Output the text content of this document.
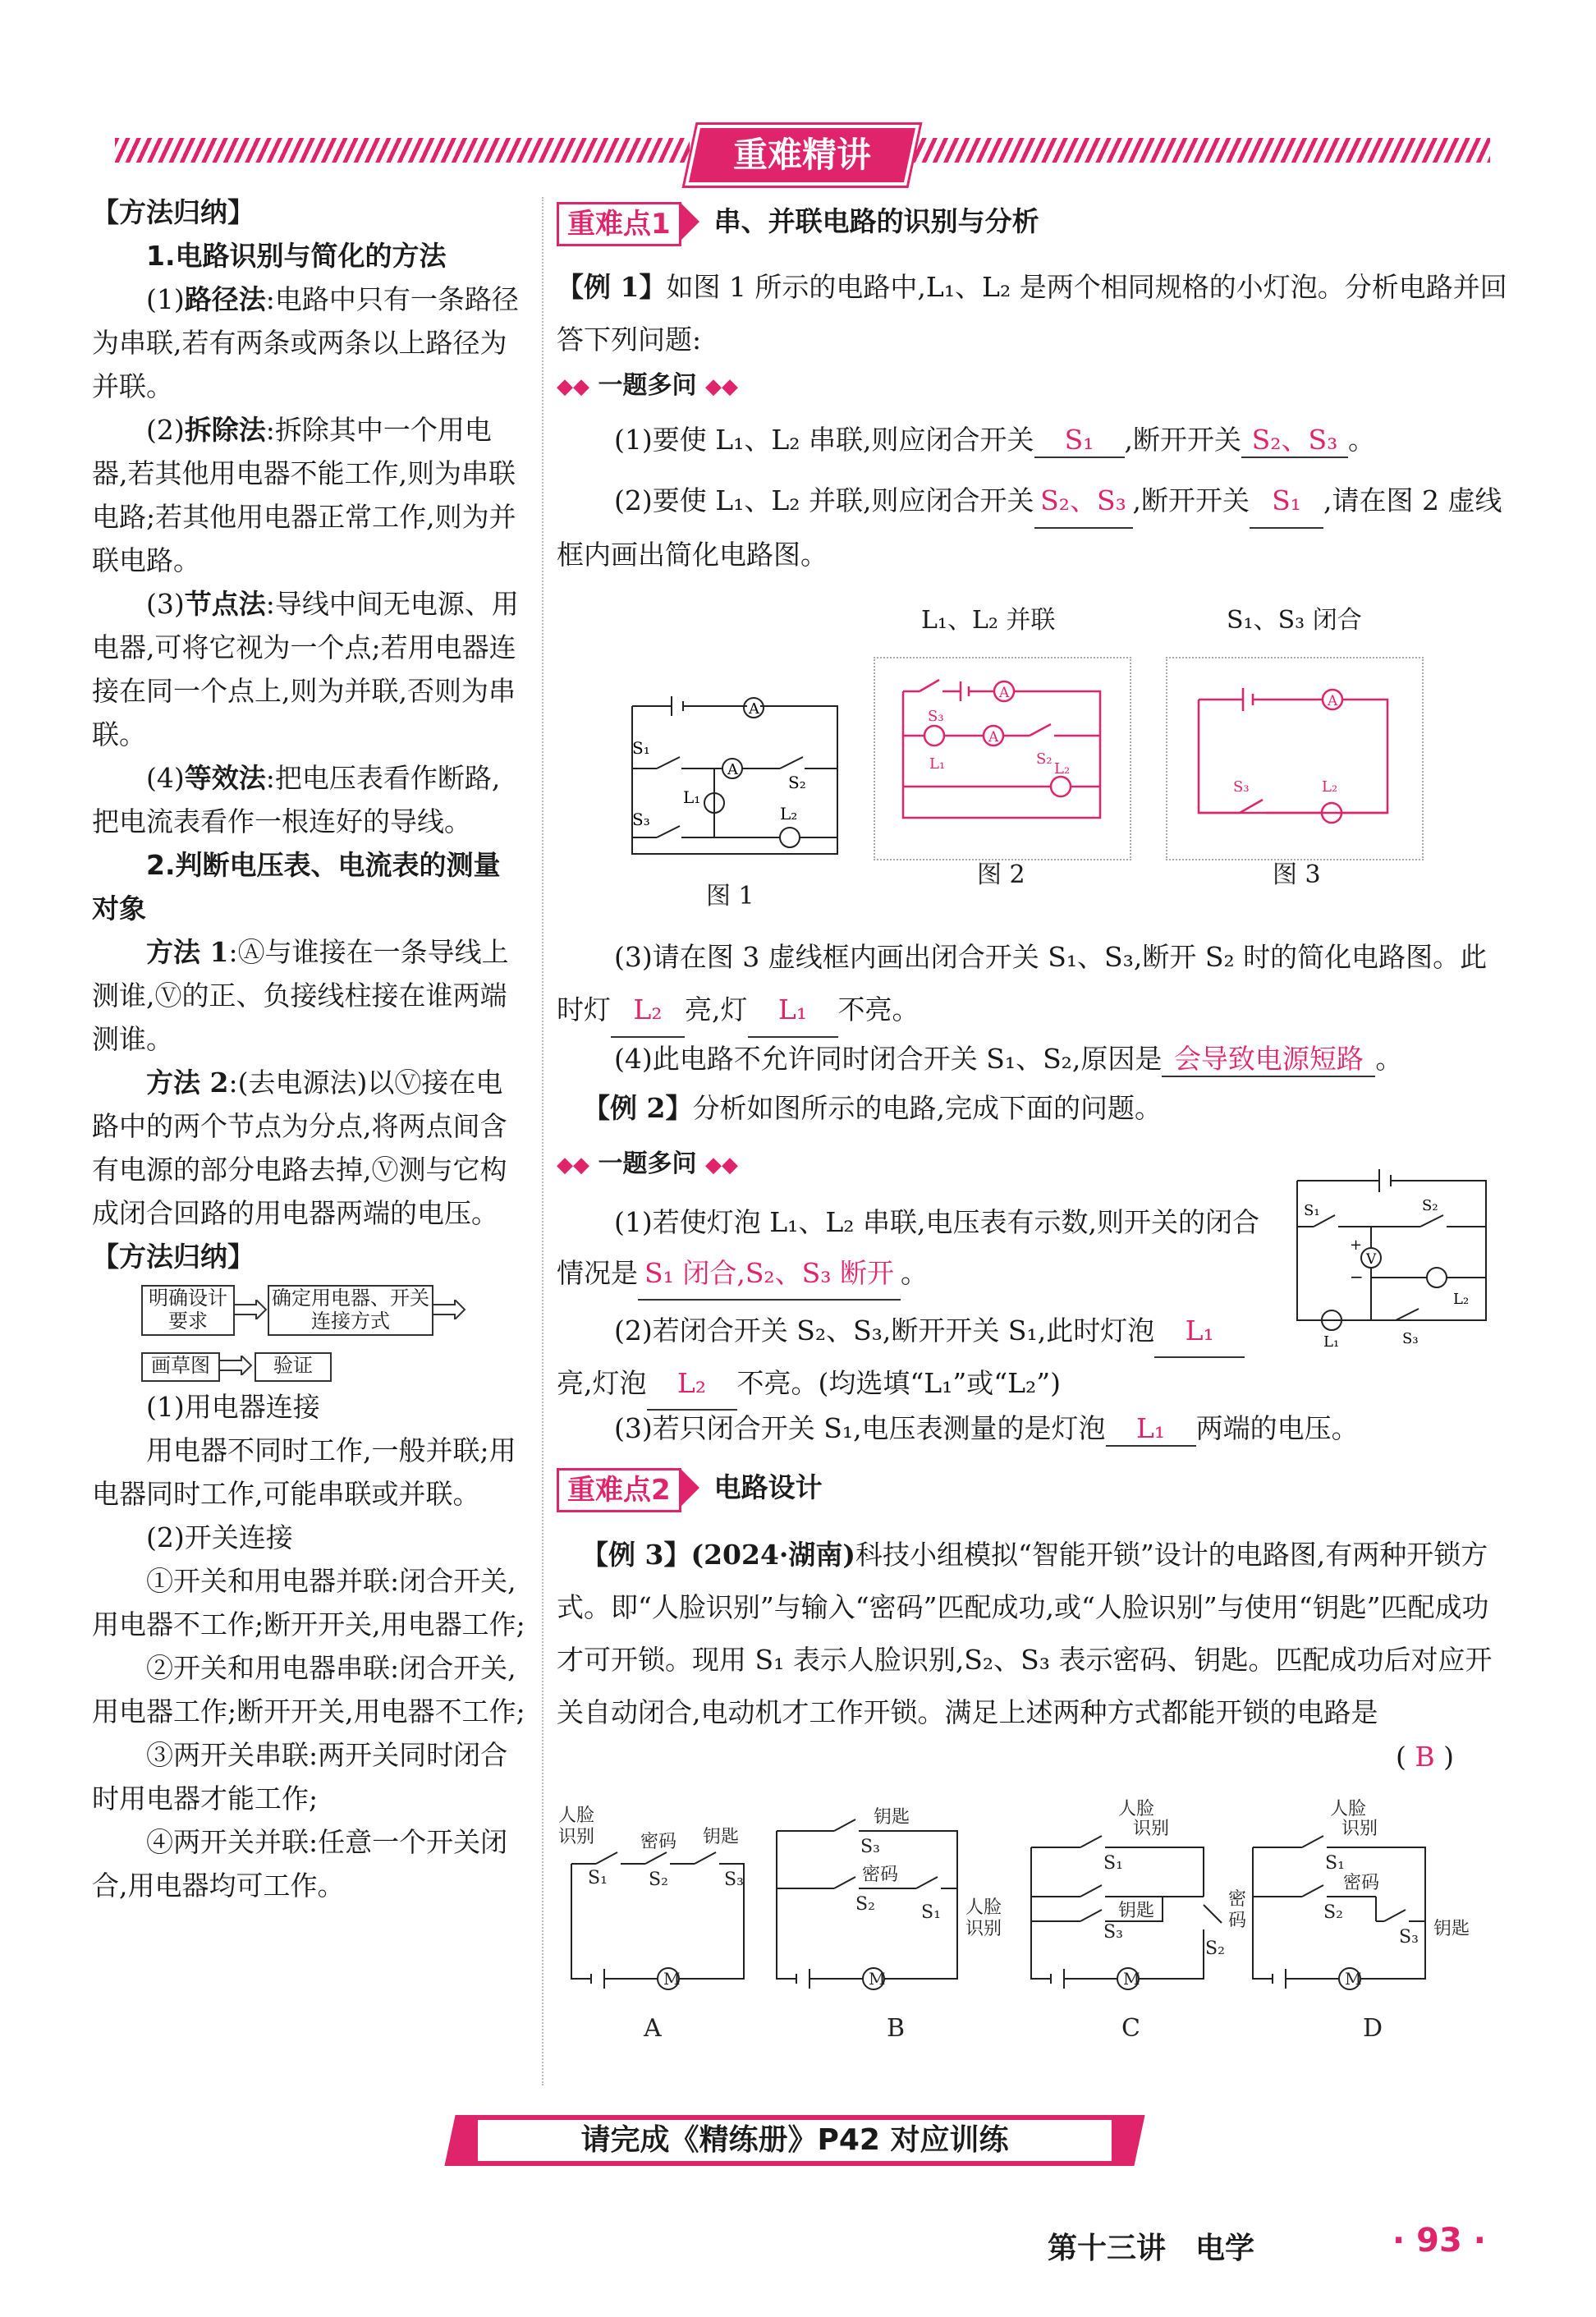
重难精讲

【方法归纳】

1.电路识别与简化的方法

(1)路径法:电路中只有一条路径为串联,若有两条或两条以上路径为并联。

(2)拆除法:拆除其中一个用电器,若其他用电器不能工作,则为串联电路;若其他用电器正常工作,则为并联电路。

(3)节点法:导线中间无电源、用电器,可将它视为一个点;若用电器连接在同一个点上,则为并联,否则为串联。

(4)等效法:把电压表看作断路,把电流表看作一根连好的导线。

2.判断电压表、电流表的测量对象

方法 1:Ⓐ与谁接在一条导线上测谁,Ⓥ的正、负接线柱接在谁两端测谁。

方法 2:(去电源法)以Ⓥ接在电路中的两个节点为分点,将两点间含有电源的部分电路去掉,Ⓥ测与它构成闭合回路的用电器两端的电压。

【方法归纳】

明确设计要求
确定用电器、开关连接方式
画草图	验证

(1)用电器连接

用电器不同时工作,一般并联;用电器同时工作,可能串联或并联。

(2)开关连接

①开关和用电器并联:闭合开关,用电器不工作;断开开关,用电器工作;

②开关和用电器串联:闭合开关,用电器工作;断开开关,用电器不工作;

③两开关串联:两开关同时闭合时用电器才能工作;

④两开关并联:任意一个开关闭合,用电器均可工作。

重难点1 串、并联电路的识别与分析
【例 1】如图 1 所示的电路中,L₁、L₂ 是两个相同规格的小灯泡。分析电路并回答下列问题:
◆◆ 一题多问 ◆◆
(1)要使 L₁、L₂ 串联,则应闭合开关 S₁ ,断开开关 S₂、S₃ 。
(2)要使 L₁、L₂ 并联,则应闭合开关 S₂、S₃ ,断开开关 S₁ ,请在图 2 虚线框内画出简化电路图。
L₁、L₂ 并联	S₁、S₃ 闭合
A
A
S₁
S₂
S₃
L₁
L₂
图 1
A
A
S₃
S₂
L₁	L₂
图 2
A
S₃	L₂
图 3
(3)请在图 3 虚线框内画出闭合开关 S₁、S₃,断开 S₂ 时的简化电路图。此时灯 L₂ 亮,灯 L₁ 不亮。
(4)此电路不允许同时闭合开关 S₁、S₂,原因是 会导致电源短路 。
【例 2】分析如图所示的电路,完成下面的问题。
◆◆ 一题多问 ◆◆
(1)若使灯泡 L₁、L₂ 串联,电压表有示数,则开关的闭合情况是 S₁ 闭合,S₂、S₃ 断开 。
(2)若闭合开关 S₂、S₃,断开开关 S₁,此时灯泡 L₁亮,灯泡 L₂ 不亮。(均选填“L₁”或“L₂”)
(3)若只闭合开关 S₁,电压表测量的是灯泡 L₁ 两端的电压。
V
+
−
S₁	S₂
L₂
L₁	S₃
重难点2 电路设计
【例 3】(2024·湖南)科技小组模拟“智能开锁”设计的电路图,有两种开锁方式。即“人脸识别”与输入“密码”匹配成功,或“人脸识别”与使用“钥匙”匹配成功才可开锁。现用 S₁ 表示人脸识别,S₂、S₃ 表示密码、钥匙。匹配成功后对应开关自动闭合,电动机才工作开锁。满足上述两种方式都能开锁的电路是
( B )
M	M	M	M
人脸
识别	密码 钥匙
S₁ S₂	S₃
钥匙
密码
S₃
S₂	S₁ 人脸
识别
人脸
识别
S₁
钥匙
S₃
密
码
S₂
人脸
识别
S₁
密码
S₂
S₃ 钥匙
A	B	C	D
请完成《精练册》P42 对应训练
第十三讲　电学	· 93 ·
